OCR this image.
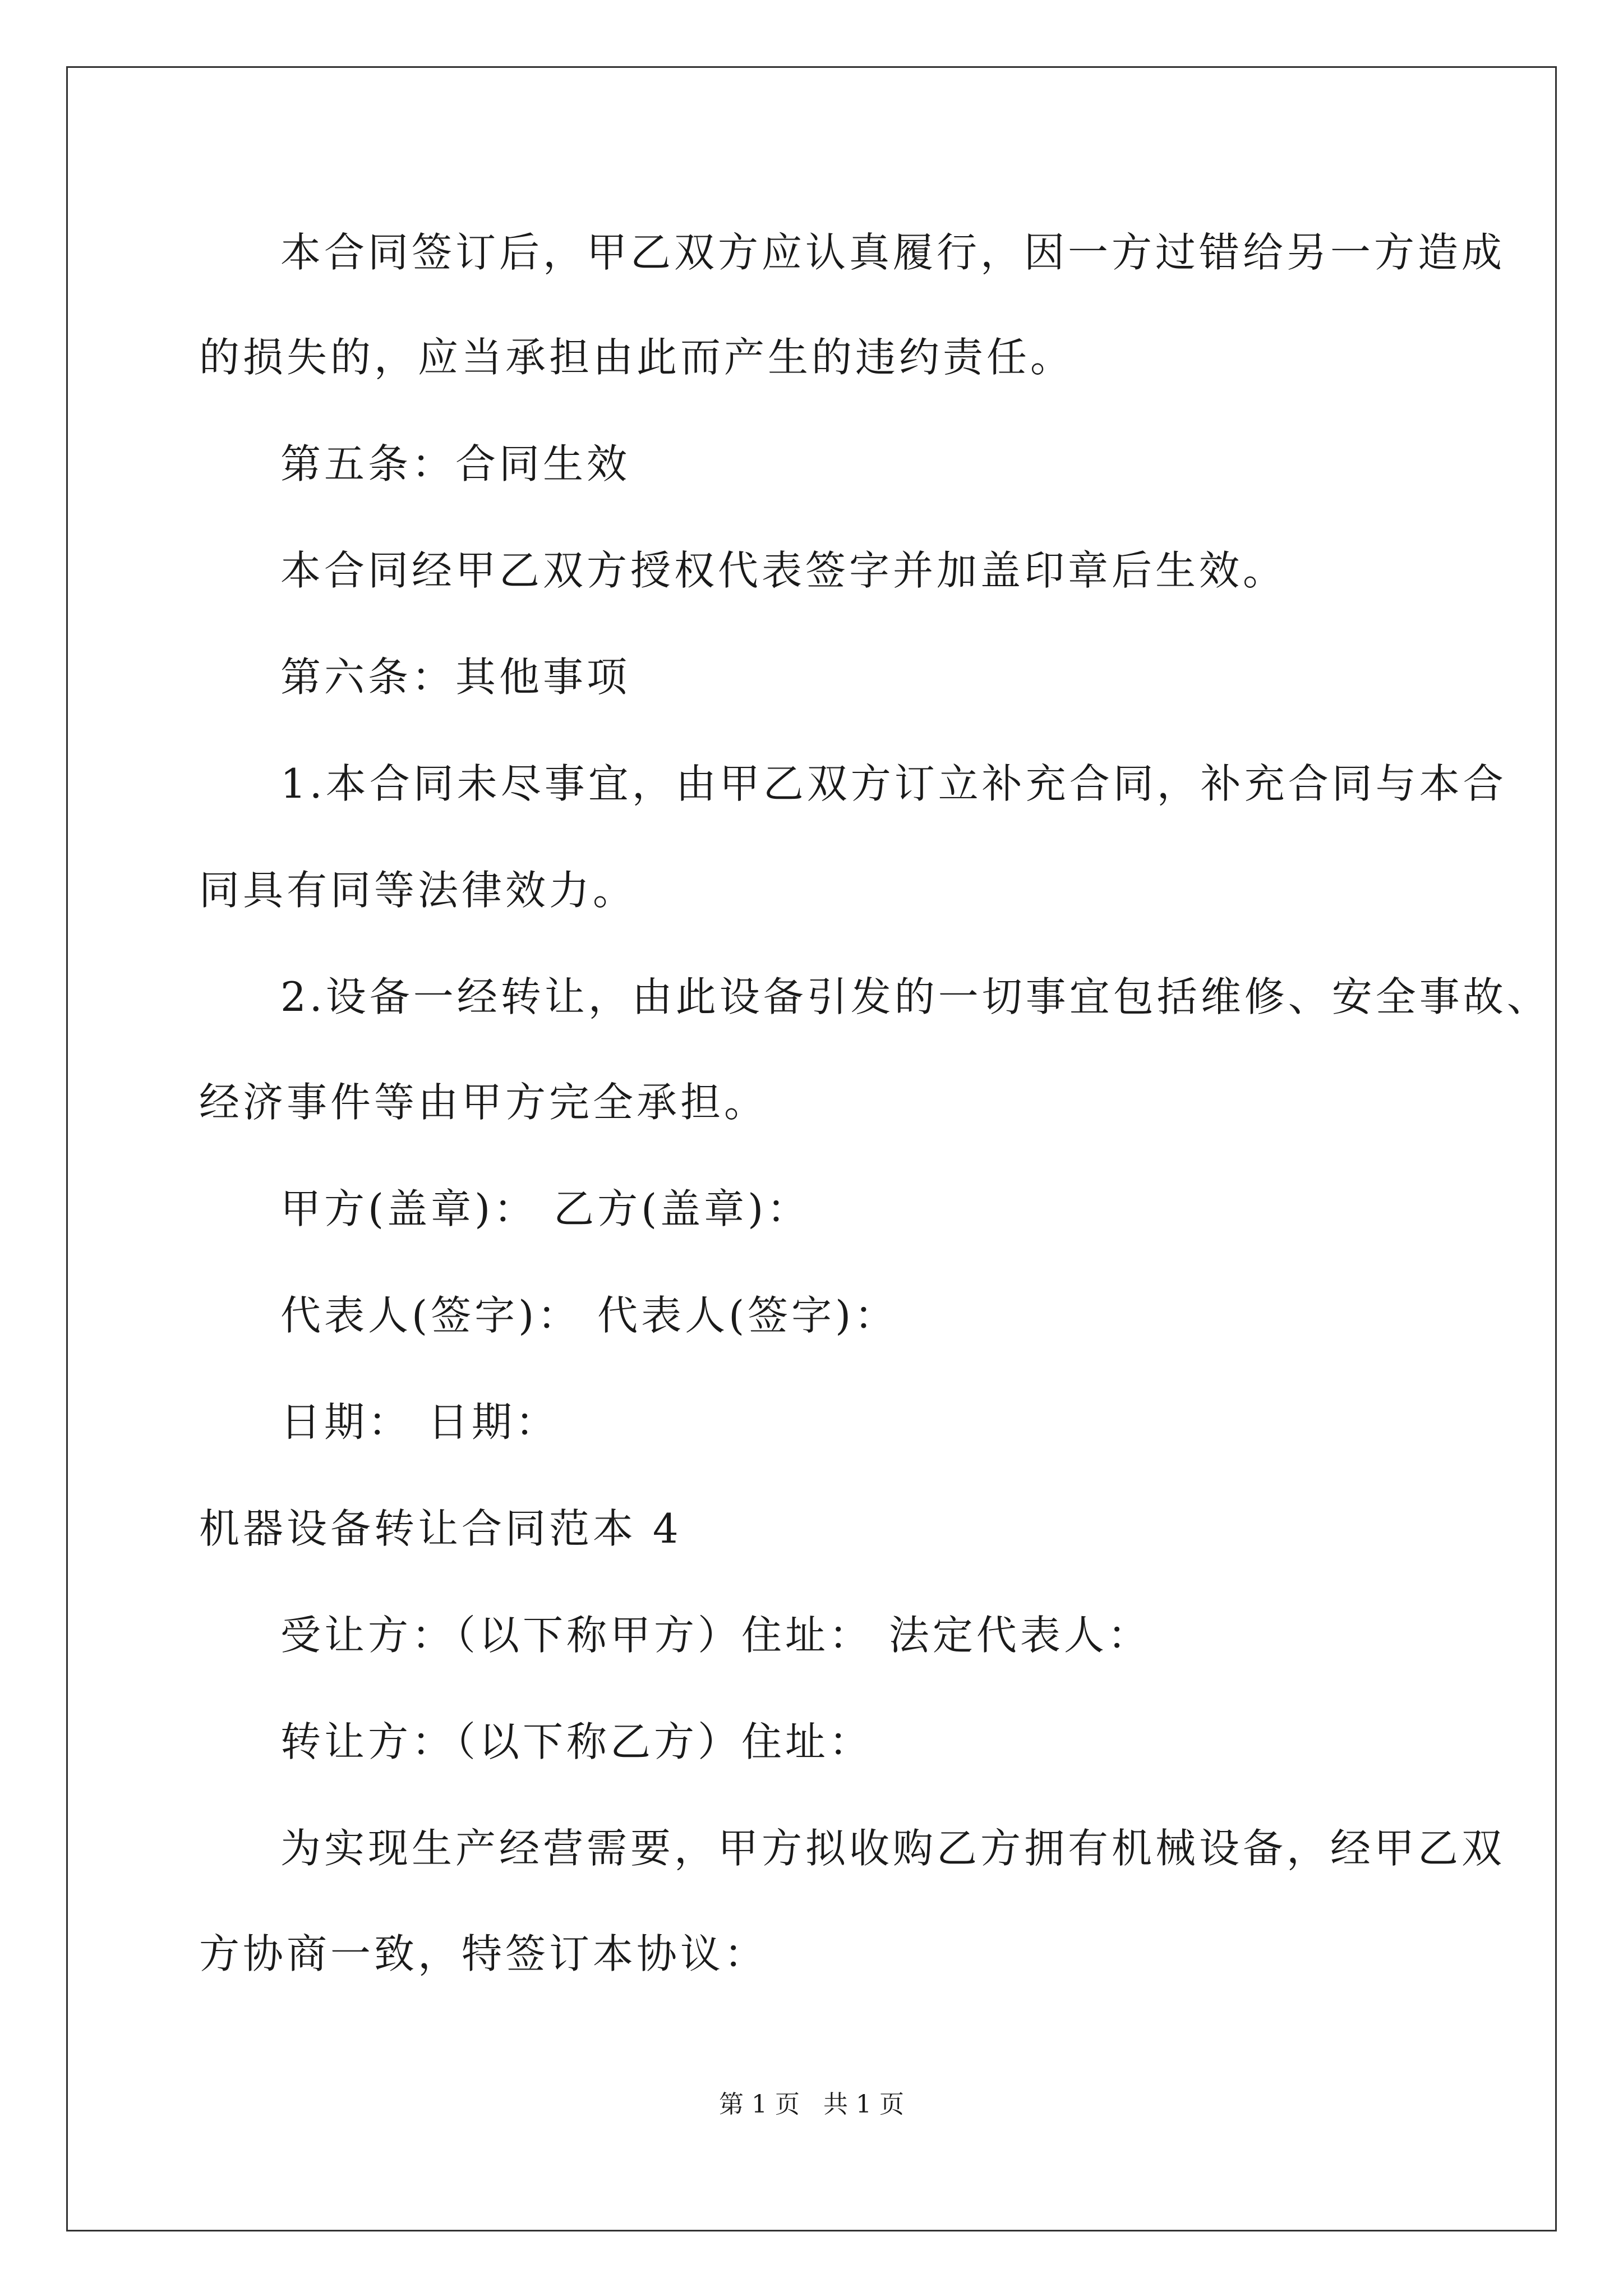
本合同签订后，甲乙双方应认真履行，因一方过错给另一方造成
的损失的，应当承担由此而产生的违约责任。
第五条：合同生效
本合同经甲乙双方授权代表签字并加盖印章后生效。
第六条：其他事项
1.本合同未尽事宜，由甲乙双方订立补充合同，补充合同与本合
同具有同等法律效力。
2.设备一经转让，由此设备引发的一切事宜包括维修、安全事故、
经济事件等由甲方完全承担。
甲方(盖章)： 乙方(盖章)：
代表人(签字)： 代表人(签字)：
日期： 日期：
机器设备转让合同范本 4
受让方：（以下称甲方）住址： 法定代表人：
转让方：（以下称乙方）住址：
为实现生产经营需要，甲方拟收购乙方拥有机械设备，经甲乙双
方协商一致，特签订本协议：
第 1 页   共 1 页
